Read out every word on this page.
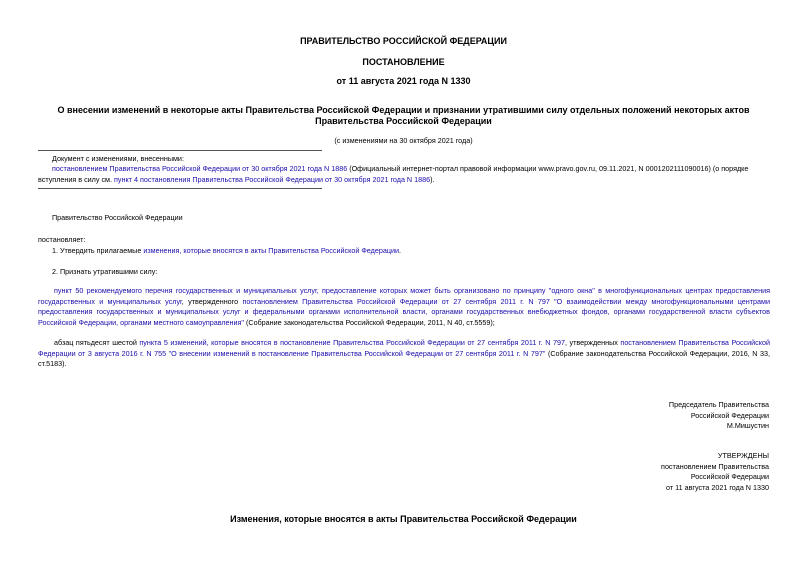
ПРАВИТЕЛЬСТВО РОССИЙСКОЙ ФЕДЕРАЦИИ
ПОСТАНОВЛЕНИЕ
от 11 августа 2021 года N 1330
О внесении изменений в некоторые акты Правительства Российской Федерации и признании утратившими силу отдельных положений некоторых актов
Правительства Российской Федерации
(с изменениями на 30 октября 2021 года)
Документ с изменениями, внесенными:
постановлением Правительства Российской Федерации от 30 октября 2021 года N 1886 (Официальный интернет-портал правовой информации www.pravo.gov.ru, 09.11.2021, N 0001202111090016) (о порядке вступления в силу см. пункт 4 постановления Правительства Российской Федерации от 30 октября 2021 года N 1886).
Правительство Российской Федерации
постановляет:
1. Утвердить прилагаемые изменения, которые вносятся в акты Правительства Российской Федерации.
2. Признать утратившими силу:
пункт 50 рекомендуемого перечня государственных и муниципальных услуг, предоставление которых может быть организовано по принципу "одного окна" в многофункциональных центрах предоставления государственных и муниципальных услуг, утвержденного постановлением Правительства Российской Федерации от 27 сентября 2011 г. N 797 "О взаимодействии между многофункциональными центрами предоставления государственных и муниципальных услуг и федеральными органами исполнительной власти, органами государственных внебюджетных фондов, органами государственной власти субъектов Российской Федерации, органами местного самоуправления" (Собрание законодательства Российской Федерации, 2011, N 40, ст.5559);
абзац пятьдесят шестой пункта 5 изменений, которые вносятся в постановление Правительства Российской Федерации от 27 сентября 2011 г. N 797, утвержденных постановлением Правительства Российской Федерации от 3 августа 2016 г. N 755 "О внесении изменений в постановление Правительства Российской Федерации от 27 сентября 2011 г. N 797" (Собрание законодательства Российской Федерации, 2016, N 33, ст.5183).
Председатель Правительства
Российской Федерации
М.Мишустин
УТВЕРЖДЕНЫ
постановлением Правительства
Российской Федерации
от 11 августа 2021 года N 1330
Изменения, которые вносятся в акты Правительства Российской Федерации
